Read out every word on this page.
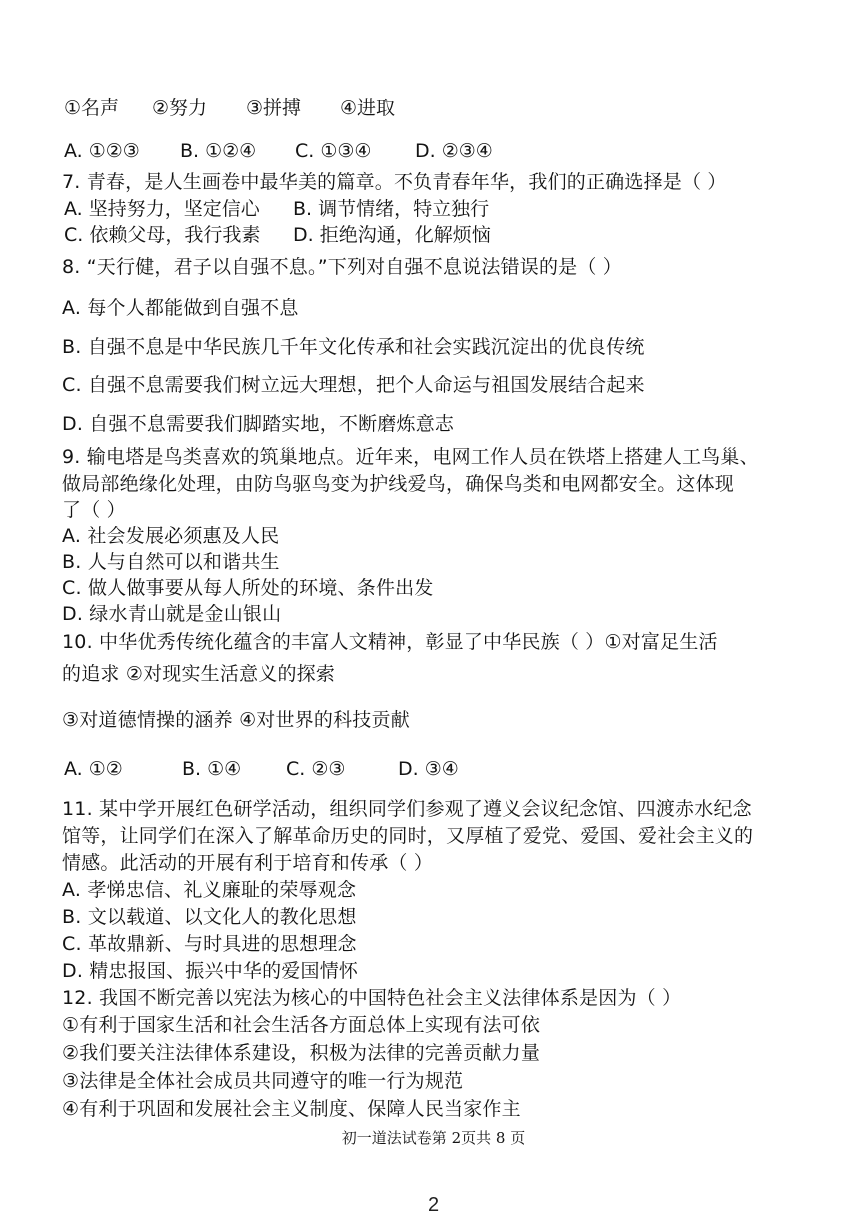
①名声 ②努力 ③拼搏 ④进取
A. ①②③ B. ①②④ C. ①③④ D. ②③④
7. 青春，是人生画卷中最华美的篇章。不负青春年华，我们的正确选择是（ ）
A. 坚持努力，坚定信心 B. 调节情绪，特立独行
C. 依赖父母，我行我素 D. 拒绝沟通，化解烦恼
8. “天行健，君子以自强不息。”下列对自强不息说法错误的是（ ）
A. 每个人都能做到自强不息
B. 自强不息是中华民族几千年文化传承和社会实践沉淀出的优良传统
C. 自强不息需要我们树立远大理想，把个人命运与祖国发展结合起来
D. 自强不息需要我们脚踏实地，不断磨炼意志
9. 输电塔是鸟类喜欢的筑巢地点。近年来，电网工作人员在铁塔上搭建人工鸟巢、
做局部绝缘化处理，由防鸟驱鸟变为护线爱鸟，确保鸟类和电网都安全。这体现
了（ ）
A. 社会发展必须惠及人民
B. 人与自然可以和谐共生
C. 做人做事要从每人所处的环境、条件出发
D. 绿水青山就是金山银山
10. 中华优秀传统化蕴含的丰富人文精神，彰显了中华民族（ ）①对富足生活
的追求 ②对现实生活意义的探索
③对道德情操的涵养 ④对世界的科技贡献
A. ①②	B. ①④ C. ②③	D. ③④
11. 某中学开展红色研学活动，组织同学们参观了遵义会议纪念馆、四渡赤水纪念
馆等，让同学们在深入了解革命历史的同时，又厚植了爱党、爱国、爱社会主义的
情感。此活动的开展有利于培育和传承（ ）
A. 孝悌忠信、礼义廉耻的荣辱观念
B. 文以载道、以文化人的教化思想
C. 革故鼎新、与时具进的思想理念
D. 精忠报国、振兴中华的爱国情怀
12. 我国不断完善以宪法为核心的中国特色社会主义法律体系是因为（ ）
①有利于国家生活和社会生活各方面总体上实现有法可依
②我们要关注法律体系建设，积极为法律的完善贡献力量
③法律是全体社会成员共同遵守的唯一行为规范
④有利于巩固和发展社会主义制度、保障人民当家作主
初一道法试卷第 2页共 8 页
2
